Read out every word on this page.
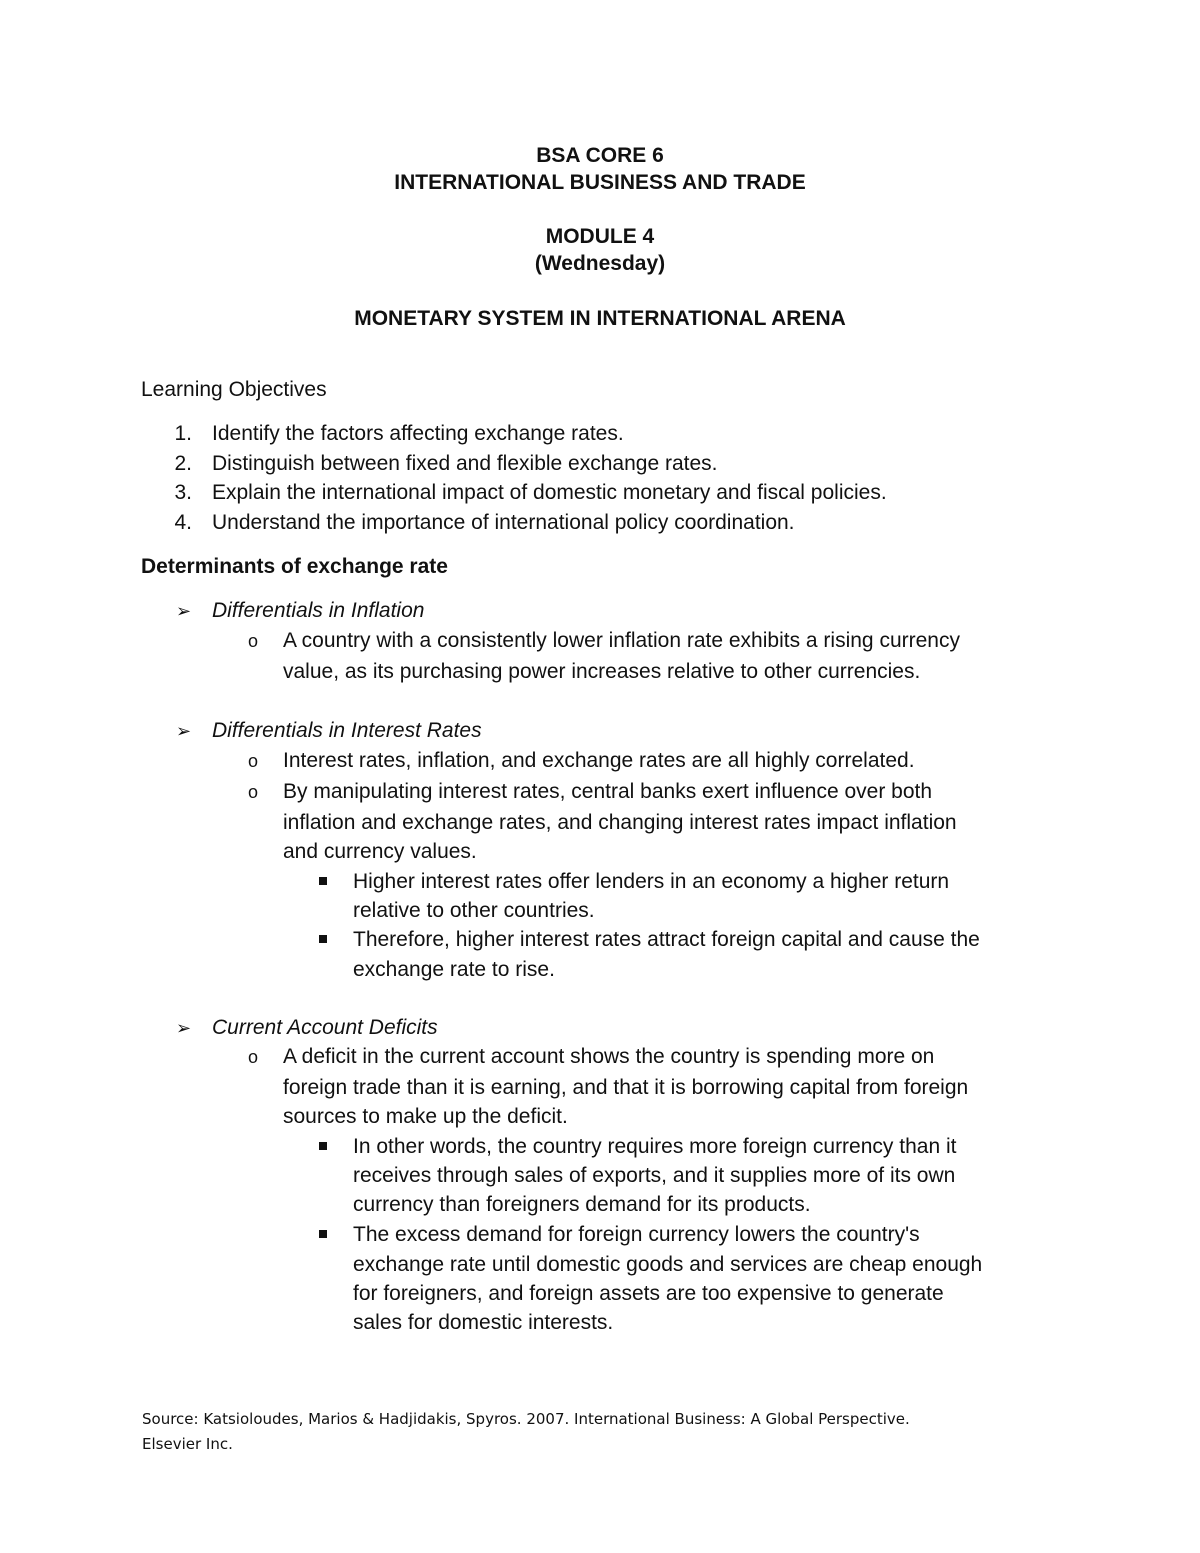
BSA CORE 6
INTERNATIONAL BUSINESS AND TRADE
MODULE 4
(Wednesday)
MONETARY SYSTEM IN INTERNATIONAL ARENA
Learning Objectives
1. Identify the factors affecting exchange rates.
2. Distinguish between fixed and flexible exchange rates.
3. Explain the international impact of domestic monetary and fiscal policies.
4. Understand the importance of international policy coordination.
Determinants of exchange rate
➢ Differentials in Inflation
o A country with a consistently lower inflation rate exhibits a rising currency
value, as its purchasing power increases relative to other currencies.
➢ Differentials in Interest Rates
o Interest rates, inflation, and exchange rates are all highly correlated.
o By manipulating interest rates, central banks exert influence over both
inflation and exchange rates, and changing interest rates impact inflation
and currency values.
Higher interest rates offer lenders in an economy a higher return
relative to other countries.
Therefore, higher interest rates attract foreign capital and cause the
exchange rate to rise.
➢ Current Account Deficits
o A deficit in the current account shows the country is spending more on
foreign trade than it is earning, and that it is borrowing capital from foreign
sources to make up the deficit.
In other words, the country requires more foreign currency than it
receives through sales of exports, and it supplies more of its own
currency than foreigners demand for its products.
The excess demand for foreign currency lowers the country's
exchange rate until domestic goods and services are cheap enough
for foreigners, and foreign assets are too expensive to generate
sales for domestic interests.
Source: Katsioloudes, Marios & Hadjidakis, Spyros. 2007. International Business: A Global Perspective.
Elsevier Inc.
